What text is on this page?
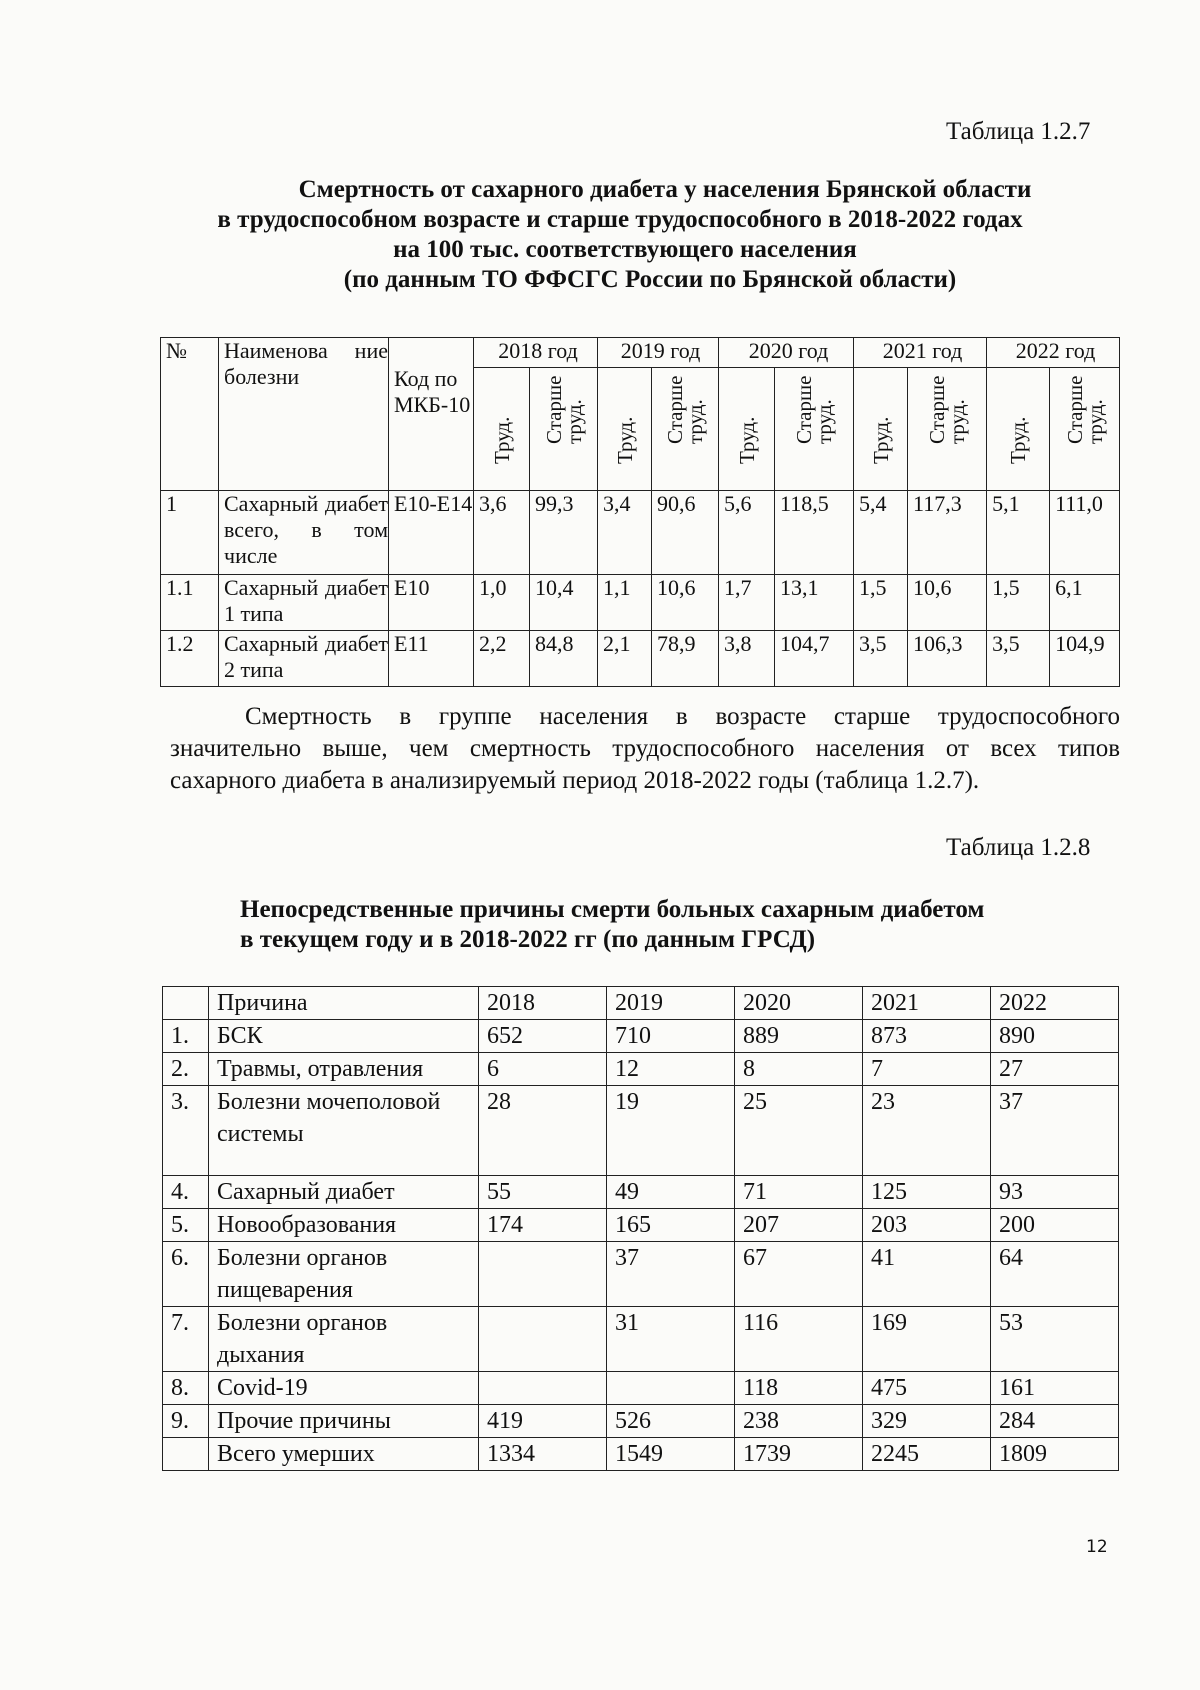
Таблица 1.2.7
Смертность от сахарного диабета у населения Брянской области
в трудоспособном возрасте и старше трудоспособного в 2018-2022 годах
на 100 тыс. соответствующего населения
(по данным ТО ФФСГС России по Брянской области)
№	Наименова ние болезни	Код по МКБ-10	2018 год		2019 год		2020 год		2021 год		2022 год	

			Труд.	Старше труд.	Труд.	Старше труд.	Труд.	Старше труд.	Труд.	Старше труд.	Труд.	Старше труд.

1	Сахарный диабет всего, в том числе	E10-E14	3,6	99,3	3,4	90,6	5,6	118,5	5,4	117,3	5,1	111,0
1.1	Сахарный диабет 1 типа	E10	1,0	10,4	1,1	10,6	1,7	13,1	1,5	10,6	1,5	6,1
1.2	Сахарный диабет 2 типа	E11	2,2	84,8	2,1	78,9	3,8	104,7	3,5	106,3	3,5	104,9
Смертность в группе населения в возрасте старше трудоспособного
значительно выше, чем смертность трудоспособного населения от всех типов
сахарного диабета в анализируемый период 2018-2022 годы (таблица 1.2.7).
Таблица 1.2.8
Непосредственные причины смерти больных сахарным диабетом
в текущем году и в 2018-2022 гг (по данным ГРСД)
	Причина	2018	2019	2020	2021	2022
1.	БСК	652	710	889	873	890
2.	Травмы, отравления	6	12	8	7	27
3.	Болезни мочеполовой системы	28	19	25	23	37
4.	Сахарный диабет	55	49	71	125	93
5.	Новообразования	174	165	207	203	200
6.	Болезни органов пищеварения		37	67	41	64
7.	Болезни органов дыхания		31	116	169	53
8.	Covid-19			118	475	161
9.	Прочие причины	419	526	238	329	284
	Всего умерших	1334	1549	1739	2245	1809
12
